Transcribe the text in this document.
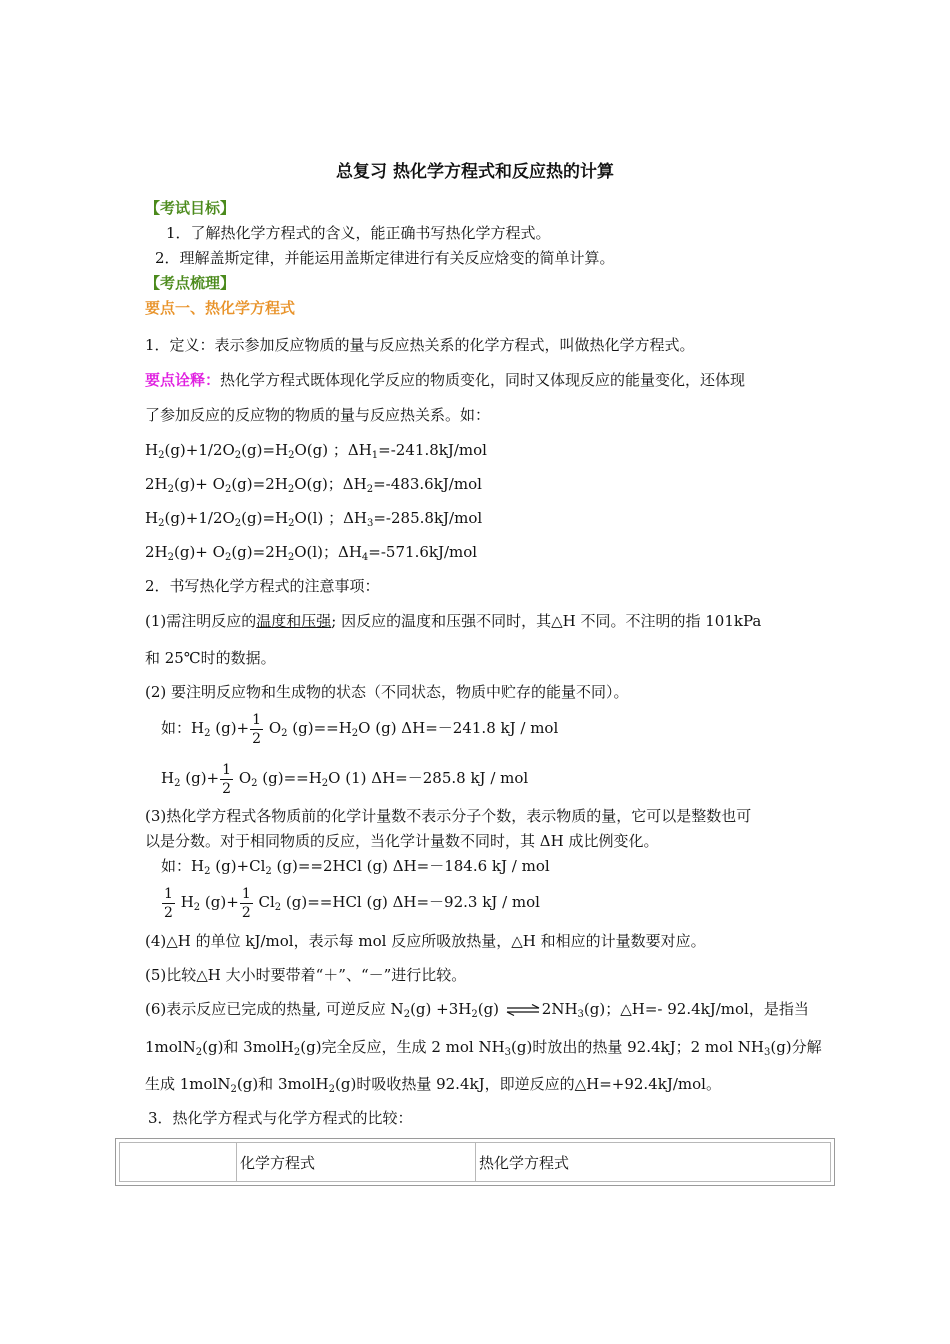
总复习 热化学方程式和反应热的计算
【考试目标】
1．了解热化学方程式的含义，能正确书写热化学方程式。
2．理解盖斯定律，并能运用盖斯定律进行有关反应焓变的简单计算。
【考点梳理】
要点一、热化学方程式
1．定义：表示参加反应物质的量与反应热关系的化学方程式，叫做热化学方程式。
要点诠释：热化学方程式既体现化学反应的物质变化，同时又体现反应的能量变化，还体现
了参加反应的反应物的物质的量与反应热关系。如：
$H_2(g)+1/2O_2(g)=H_2O(g)$ ；$\Delta H_1=-241.8kJ$/mol
$2H_2(g)+ O_2(g)=2H_2O(g)$；$\Delta H_2=-483.6kJ$/mol
$H_2(g)+1/2O_2(g)=H_2O(l)$ ；$\Delta H_3=-285.8kJ$/mol
$2H_2(g)+ O_2(g)=2H_2O(l)$；$\Delta H_4=-571.6kJ$/mol
2．书写热化学方程式的注意事项：
(1)需注明反应的温度和压强; 因反应的温度和压强不同时，其△H 不同。不注明的指 101kPa
和 25℃时的数据。
(2) 要注明反应物和生成物的状态（不同状态，物质中贮存的能量不同）。
如：$H_2$ $(g)+ \frac{1}{2} O_2$ $(g)==H_2O$ (g) ΔH=－241.8 kJ / mol
$H_2$ $(g)+ \frac{1}{2} O_2$ $(g)==H_2O$ (1) ΔH=－285.8 kJ / mol
(3)热化学方程式各物质前的化学计量数不表示分子个数，表示物质的量，它可以是整数也可
以是分数。对于相同物质的反应，当化学计量数不同时，其 ΔH 成比例变化。
如：$H_2$ $(g)+Cl_2$ (g)==2HCl (g) ΔH=－184.6 kJ / mol
$\frac{1}{2} H_2$ $(g)+ \frac{1}{2} Cl_2$ (g)==HCl (g) ΔH=－92.3 kJ / mol
(4)△H 的单位 kJ/mol，表示每 mol 反应所吸放热量，△H 和相应的计量数要对应。
(5)比较△H 大小时要带着“＋”、“－”进行比较。
(6)表示反应已完成的热量, 可逆反应 $N_2(g) +3H_2(g)$ ⇌ $2NH_3(g)$；△H=- 92.4kJ/mol，是指当
1molN$_2$(g)和 3molH$_2$(g)完全反应，生成 2 mol $NH_3(g)$时放出的热量 92.4kJ；2 mol $NH_3(g)$分解
生成 1molN$_2$(g)和 3molH$_2$(g)时吸收热量 92.4kJ，即逆反应的△H=+92.4kJ/mol。
3．热化学方程式与化学方程式的比较：
化学方程式	热化学方程式
